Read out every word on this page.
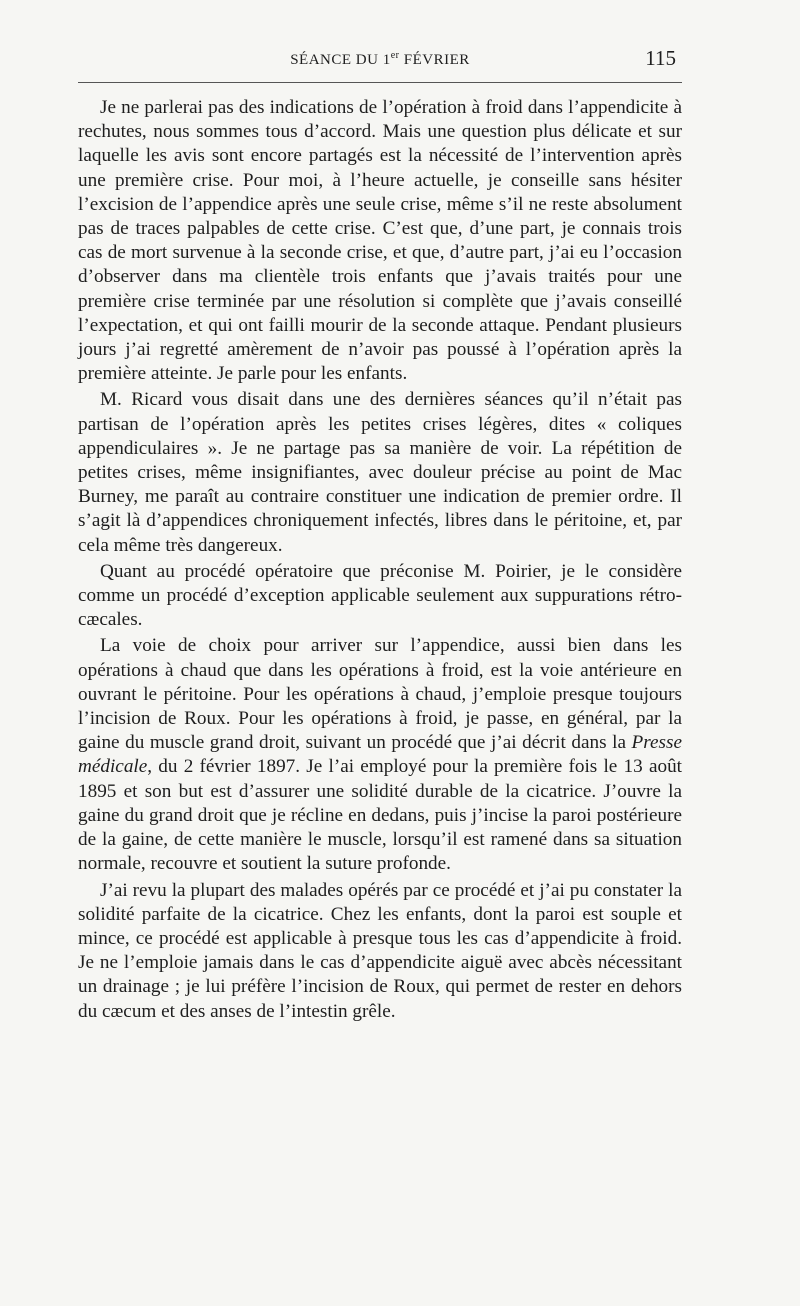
SÉANCE DU 1er FÉVRIER	115

Je ne parlerai pas des indications de l’opération à froid dans l’appendicite à rechutes, nous sommes tous d’accord. Mais une question plus délicate et sur laquelle les avis sont encore partagés est la nécessité de l’intervention après une première crise. Pour moi, à l’heure actuelle, je conseille sans hésiter l’excision de l’appendice après une seule crise, même s’il ne reste absolument pas de traces palpables de cette crise. C’est que, d’une part, je connais trois cas de mort survenue à la seconde crise, et que, d’autre part, j’ai eu l’occasion d’observer dans ma clientèle trois enfants que j’avais traités pour une première crise terminée par une résolution si complète que j’avais conseillé l’expectation, et qui ont failli mourir de la seconde attaque. Pendant plusieurs jours j’ai regretté amèrement de n’avoir pas poussé à l’opération après la première atteinte. Je parle pour les enfants.

M. Ricard vous disait dans une des dernières séances qu’il n’était pas partisan de l’opération après les petites crises légères, dites « coliques appendiculaires ». Je ne partage pas sa manière de voir. La répétition de petites crises, même insignifiantes, avec douleur précise au point de Mac Burney, me paraît au contraire constituer une indication de premier ordre. Il s’agit là d’appendices chroniquement infectés, libres dans le péritoine, et, par cela même très dangereux.

Quant au procédé opératoire que préconise M. Poirier, je le considère comme un procédé d’exception applicable seulement aux suppurations rétro-cæcales.

La voie de choix pour arriver sur l’appendice, aussi bien dans les opérations à chaud que dans les opérations à froid, est la voie antérieure en ouvrant le péritoine. Pour les opérations à chaud, j’emploie presque toujours l’incision de Roux. Pour les opérations à froid, je passe, en général, par la gaine du muscle grand droit, suivant un procédé que j’ai décrit dans la Presse médicale, du 2 février 1897. Je l’ai employé pour la première fois le 13 août 1895 et son but est d’assurer une solidité durable de la cicatrice. J’ouvre la gaine du grand droit que je récline en dedans, puis j’incise la paroi postérieure de la gaine, de cette manière le muscle, lorsqu’il est ramené dans sa situation normale, recouvre et soutient la suture profonde.

J’ai revu la plupart des malades opérés par ce procédé et j’ai pu constater la solidité parfaite de la cicatrice. Chez les enfants, dont la paroi est souple et mince, ce procédé est applicable à presque tous les cas d’appendicite à froid. Je ne l’emploie jamais dans le cas d’appendicite aiguë avec abcès nécessitant un drainage ; je lui préfère l’incision de Roux, qui permet de rester en dehors du cæcum et des anses de l’intestin grêle.
